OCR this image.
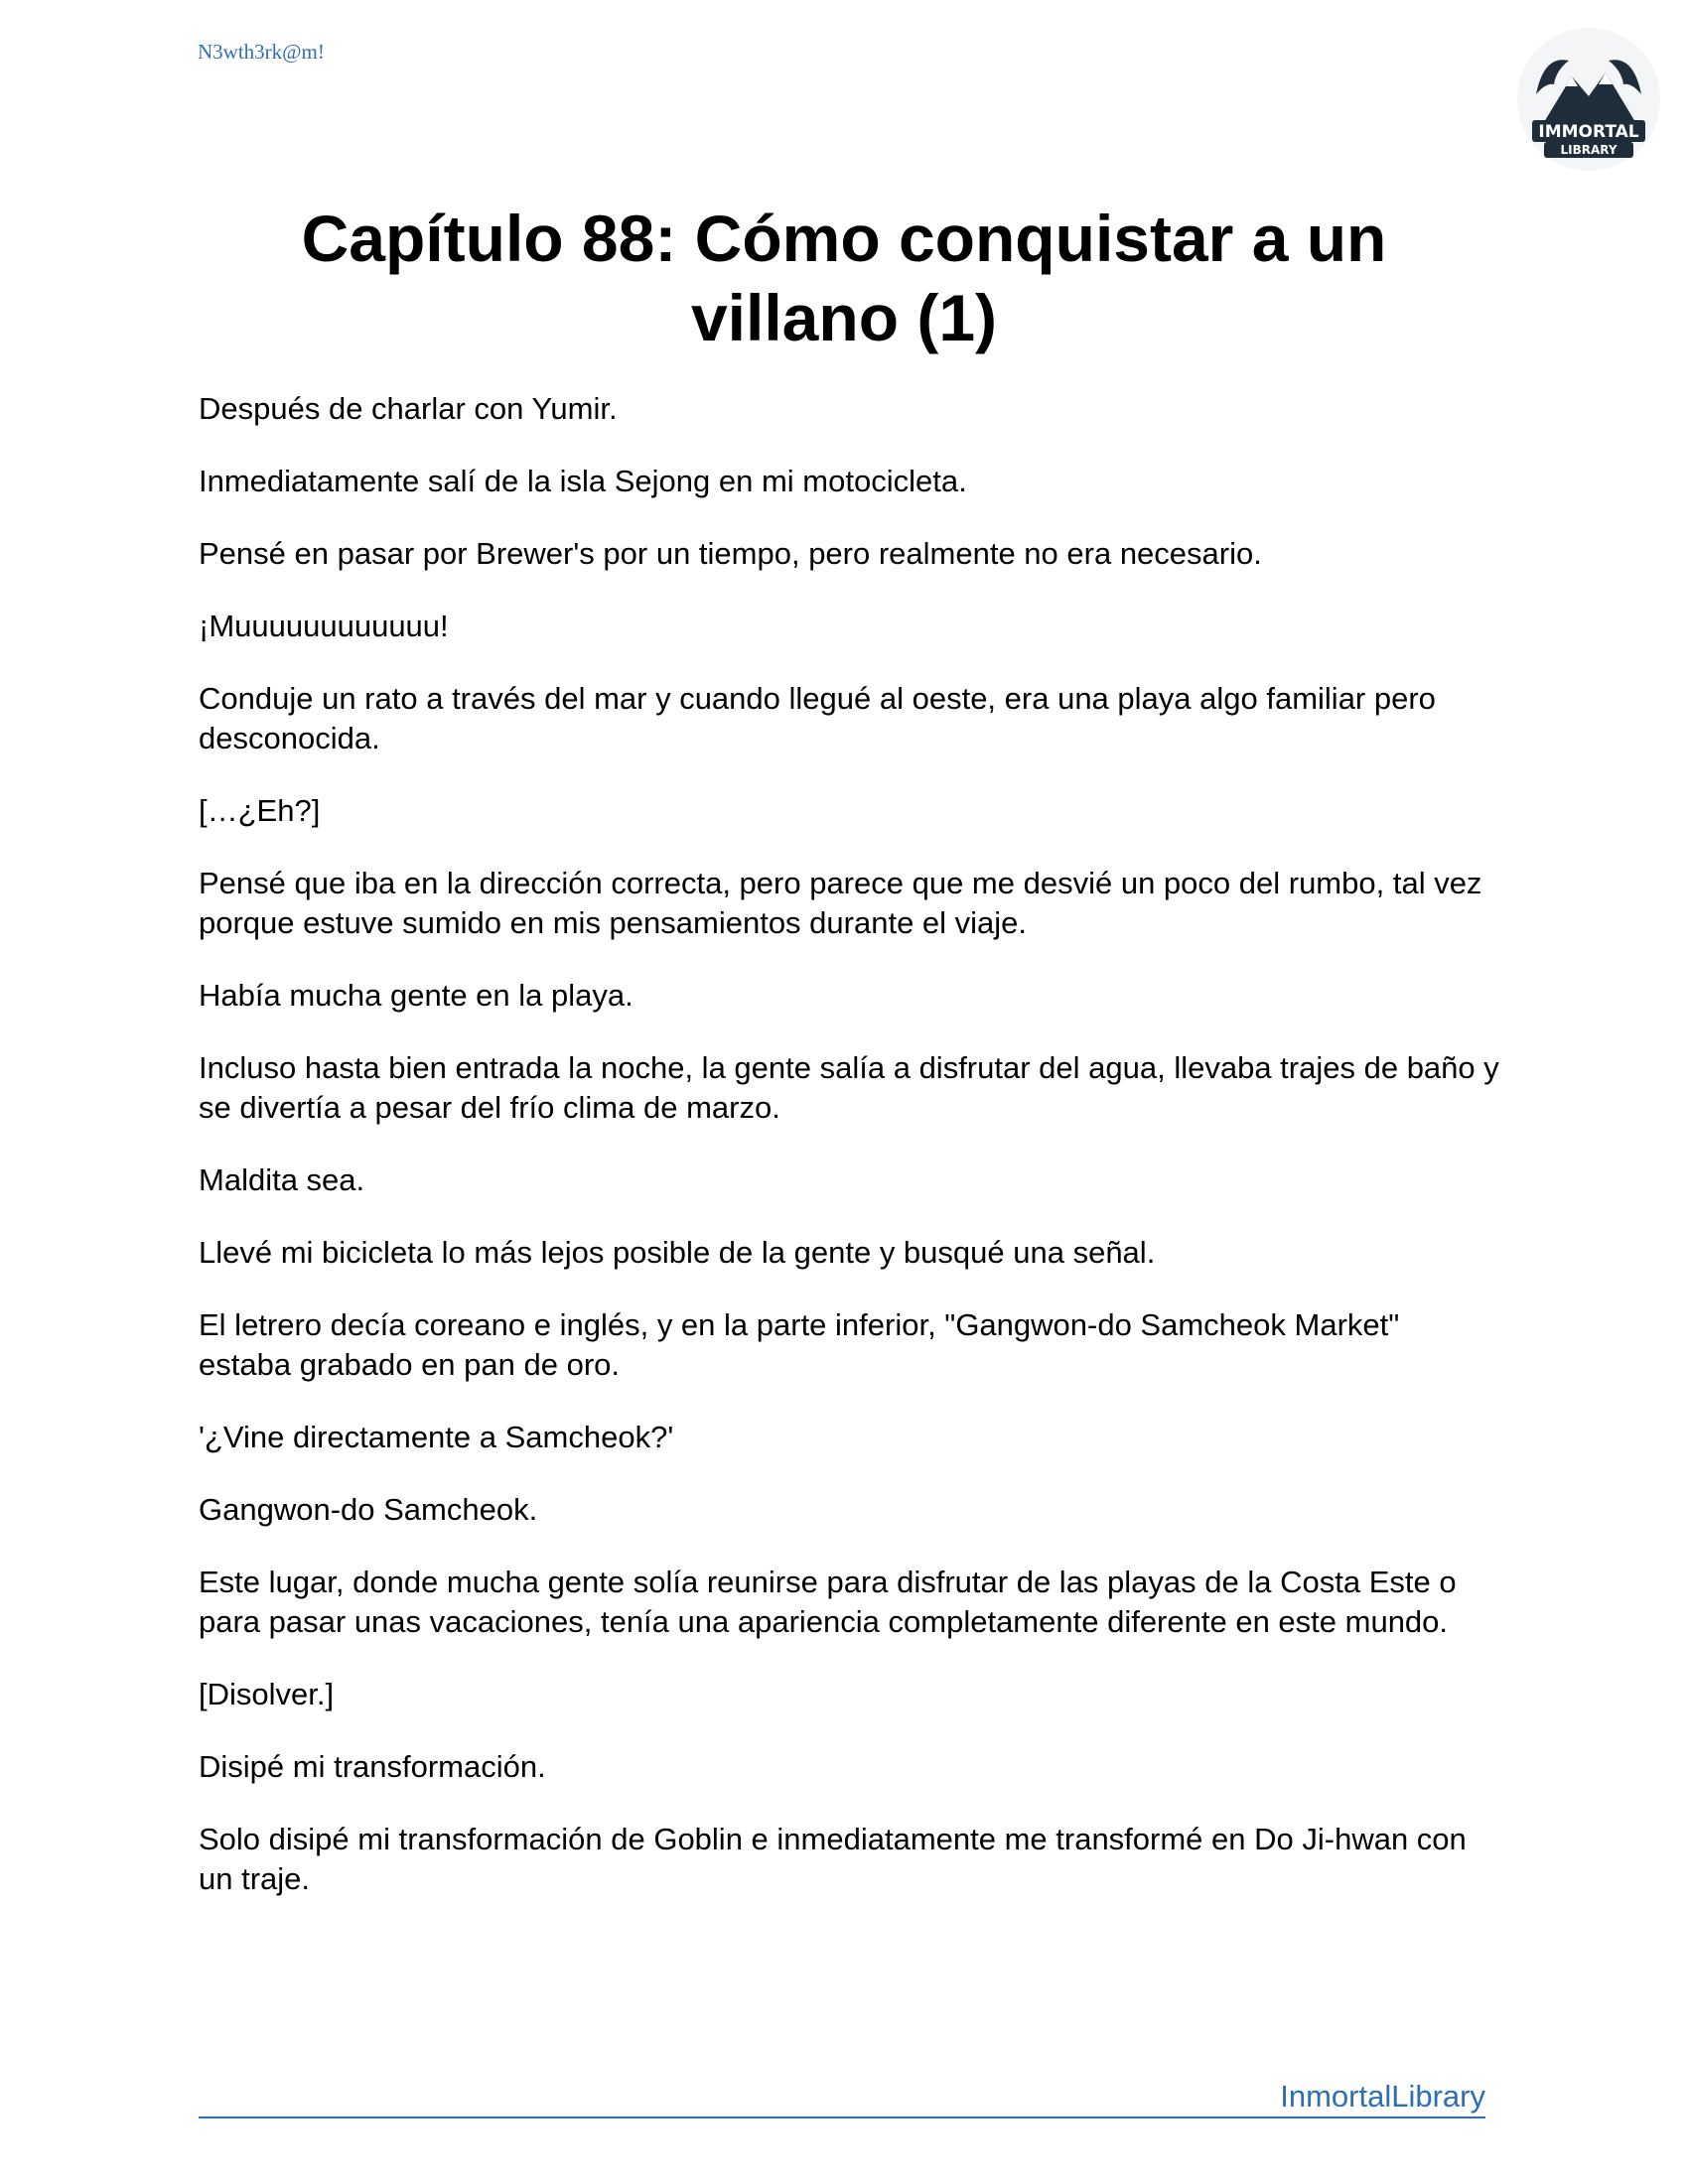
N3wth3rk@m!
IMMORTAL
LIBRARY
Capítulo 88: Cómo conquistar a un villano (1)

Después de charlar con Yumir.

Inmediatamente salí de la isla Sejong en mi motocicleta.

Pensé en pasar por Brewer's por un tiempo, pero realmente no era necesario.

¡Muuuuuuuuuuuu!

Conduje un rato a través del mar y cuando llegué al oeste, era una playa algo familiar pero desconocida.

[…¿Eh?]

Pensé que iba en la dirección correcta, pero parece que me desvié un poco del rumbo, tal vez porque estuve sumido en mis pensamientos durante el viaje.

Había mucha gente en la playa.

Incluso hasta bien entrada la noche, la gente salía a disfrutar del agua, llevaba trajes de baño y se divertía a pesar del frío clima de marzo.

Maldita sea.

Llevé mi bicicleta lo más lejos posible de la gente y busqué una señal.

El letrero decía coreano e inglés, y en la parte inferior, "Gangwon-do Samcheok Market" estaba grabado en pan de oro.

'¿Vine directamente a Samcheok?'

Gangwon-do Samcheok.

Este lugar, donde mucha gente solía reunirse para disfrutar de las playas de la Costa Este o para pasar unas vacaciones, tenía una apariencia completamente diferente en este mundo.

[Disolver.]

Disipé mi transformación.

Solo disipé mi transformación de Goblin e inmediatamente me transformé en Do Ji-hwan con un traje.

InmortalLibrary
